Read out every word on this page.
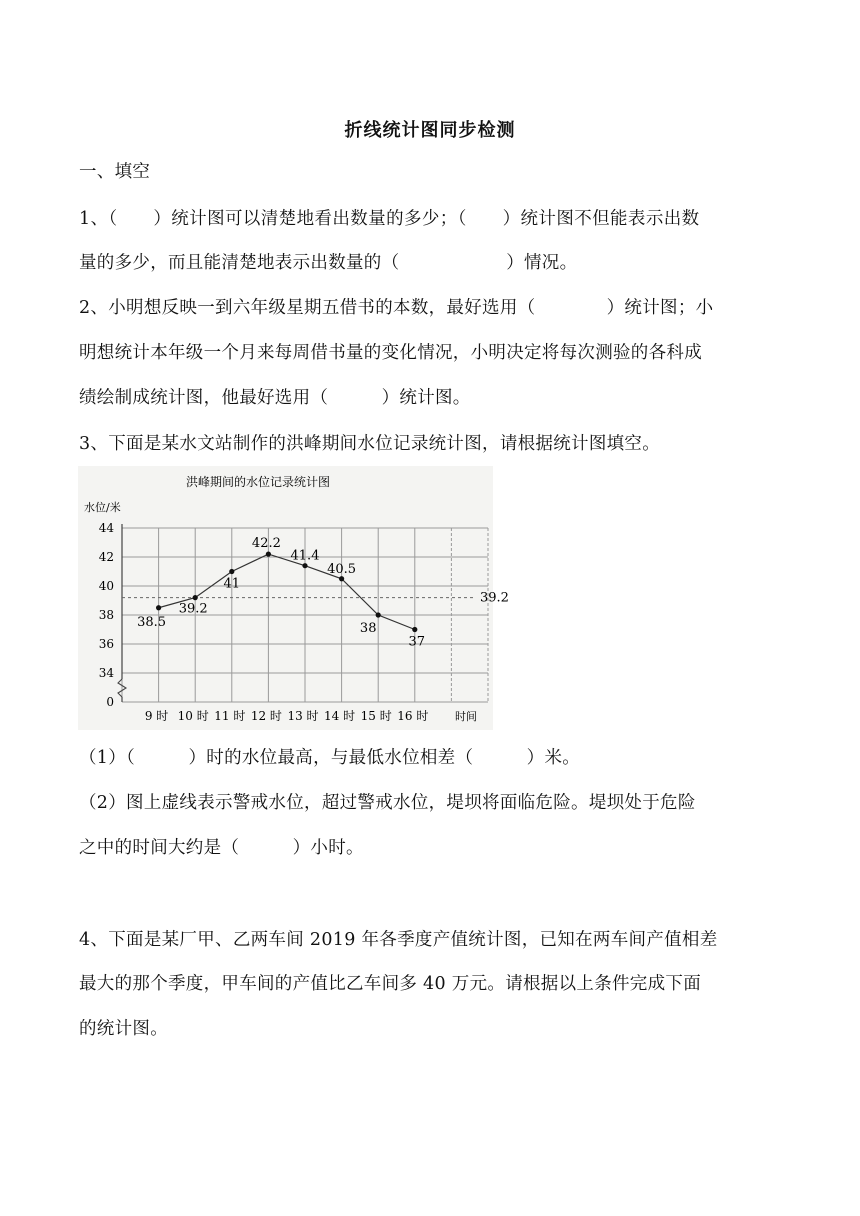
折线统计图同步检测
一、填空
1、（　　）统计图可以清楚地看出数量的多少；（　　）统计图不但能表示出数
量的多少，而且能清楚地表示出数量的（　　　　　　）情况。
2、小明想反映一到六年级星期五借书的本数，最好选用（　　　　）统计图；小
明想统计本年级一个月来每周借书量的变化情况，小明决定将每次测验的各科成
绩绘制成统计图，他最好选用（　　　）统计图。
3、下面是某水文站制作的洪峰期间水位记录统计图，请根据统计图填空。
洪峰期间的水位记录统计图
水位/米
时间
44
42
40
38
36
34
0
9 时 10 时 11 时 12 时 13 时 14 时 15 时 16 时
39.2
38.5
39.2
41
42.2
41.4
40.5
38
37
（1）（　　　）时的水位最高，与最低水位相差（　　　）米。
（2）图上虚线表示警戒水位，超过警戒水位，堤坝将面临危险。堤坝处于危险
之中的时间大约是（　　　）小时。
4、下面是某厂甲、乙两车间 2019 年各季度产值统计图，已知在两车间产值相差
最大的那个季度，甲车间的产值比乙车间多 40 万元。请根据以上条件完成下面
的统计图。
